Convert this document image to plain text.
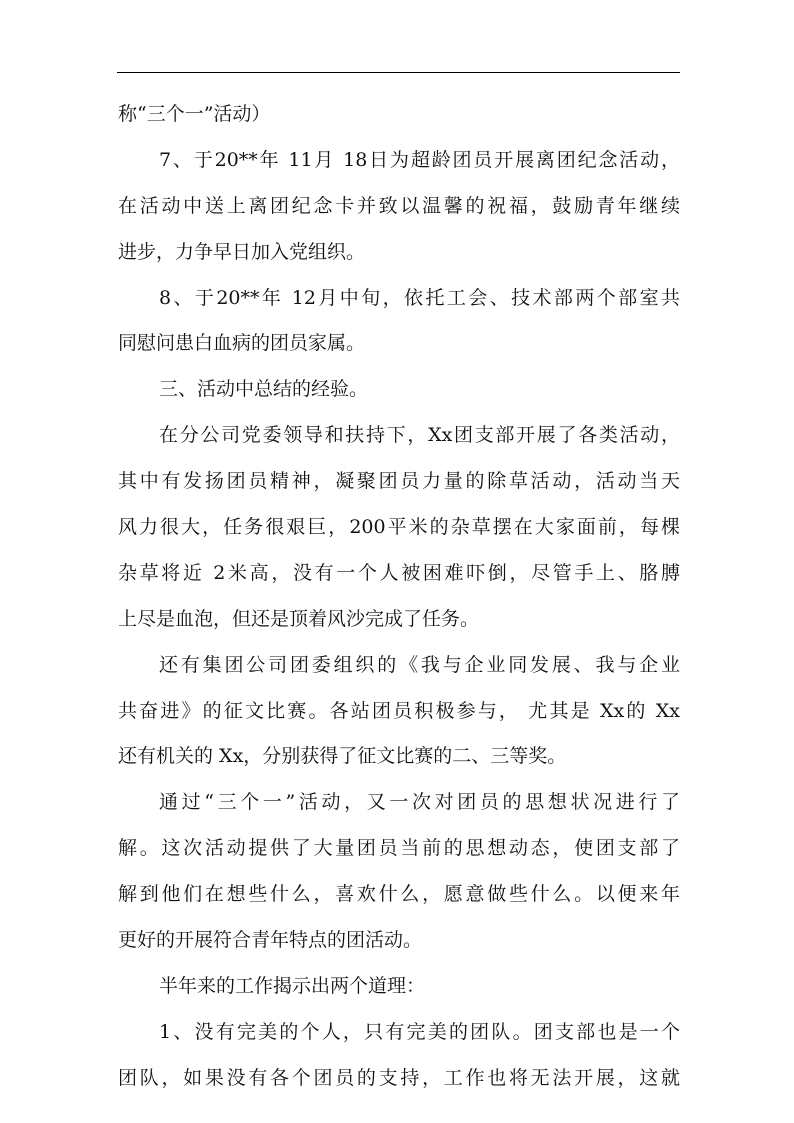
称“三个一”活动）
7、于20**年 11月 18日为超龄团员开展离团纪念活动，
在活动中送上离团纪念卡并致以温馨的祝福，鼓励青年继续
进步，力争早日加入党组织。
8、于20**年 12月中旬，依托工会、技术部两个部室共
同慰问患白血病的团员家属。
三、活动中总结的经验。
在分公司党委领导和扶持下，Xx团支部开展了各类活动，
其中有发扬团员精神，凝聚团员力量的除草活动，活动当天
风力很大，任务很艰巨，200平米的杂草摆在大家面前，每棵
杂草将近 2米高，没有一个人被困难吓倒，尽管手上、胳膊
上尽是血泡，但还是顶着风沙完成了任务。
还有集团公司团委组织的《我与企业同发展、我与企业
共奋进》的征文比赛。各站团员积极参与， 尤其是 Xx的 Xx
还有机关的 Xx，分别获得了征文比赛的二、三等奖。
通过“三个一”活动，又一次对团员的思想状况进行了
解。这次活动提供了大量团员当前的思想动态，使团支部了
解到他们在想些什么，喜欢什么，愿意做些什么。以便来年
更好的开展符合青年特点的团活动。
半年来的工作揭示出两个道理：
1、没有完美的个人，只有完美的团队。团支部也是一个
团队，如果没有各个团员的支持，工作也将无法开展，这就
